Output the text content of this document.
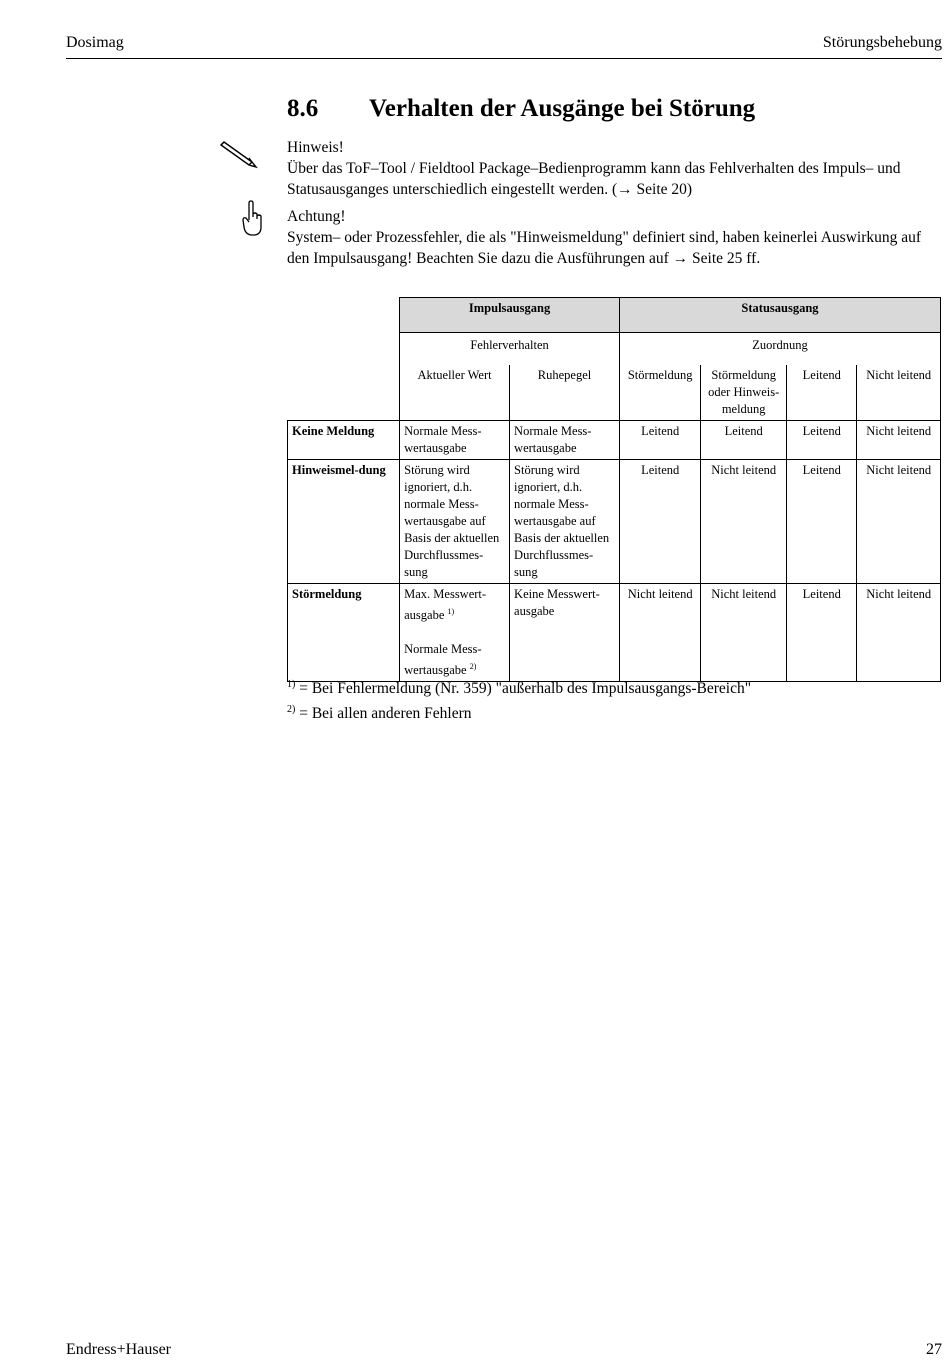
Dosimag	Störungsbehebung
8.6 Verhalten der Ausgänge bei Störung
Hinweis!
Über das ToF–Tool / Fieldtool Package–Bedienprogramm kann das Fehlverhalten des Impuls– und Statusausganges unterschiedlich eingestellt werden. (→ Seite 20)
Achtung!
System– oder Prozessfehler, die als "Hinweismeldung" definiert sind, haben keinerlei Auswirkung auf den Impulsausgang! Beachten Sie dazu die Ausführungen auf → Seite 25 ff.
	Impulsausgang		Statusausgang			
	Fehlerverhalten		Zuordnung			
	Aktueller Wert	Ruhepegel	Störmeldung	Störmeldung oder Hinweis-meldung	Leitend	Nicht leitend
Keine Meldung	Normale Mess-wertausgabe	Normale Mess-wertausgabe	Leitend	Leitend	Leitend	Nicht leitend
Hinweismel-dung	Störung wird ignoriert, d.h. normale Mess-wertausgabe auf Basis der aktuellen Durchflussmes-sung	Störung wird ignoriert, d.h. normale Mess-wertausgabe auf Basis der aktuellen Durchflussmes-sung	Leitend	Nicht leitend	Leitend	Nicht leitend
Störmeldung	Max. Messwert-ausgabe $^{1)}$
Normale Mess-wertausgabe $^{2)}$	Keine Messwert-ausgabe	Nicht leitend	Nicht leitend	Leitend	Nicht leitend
$^{1)}$ = Bei Fehlermeldung (Nr. 359) "außerhalb des Impulsausgangs-Bereich"
$^{2)}$ = Bei allen anderen Fehlern
Endress+Hauser	27
